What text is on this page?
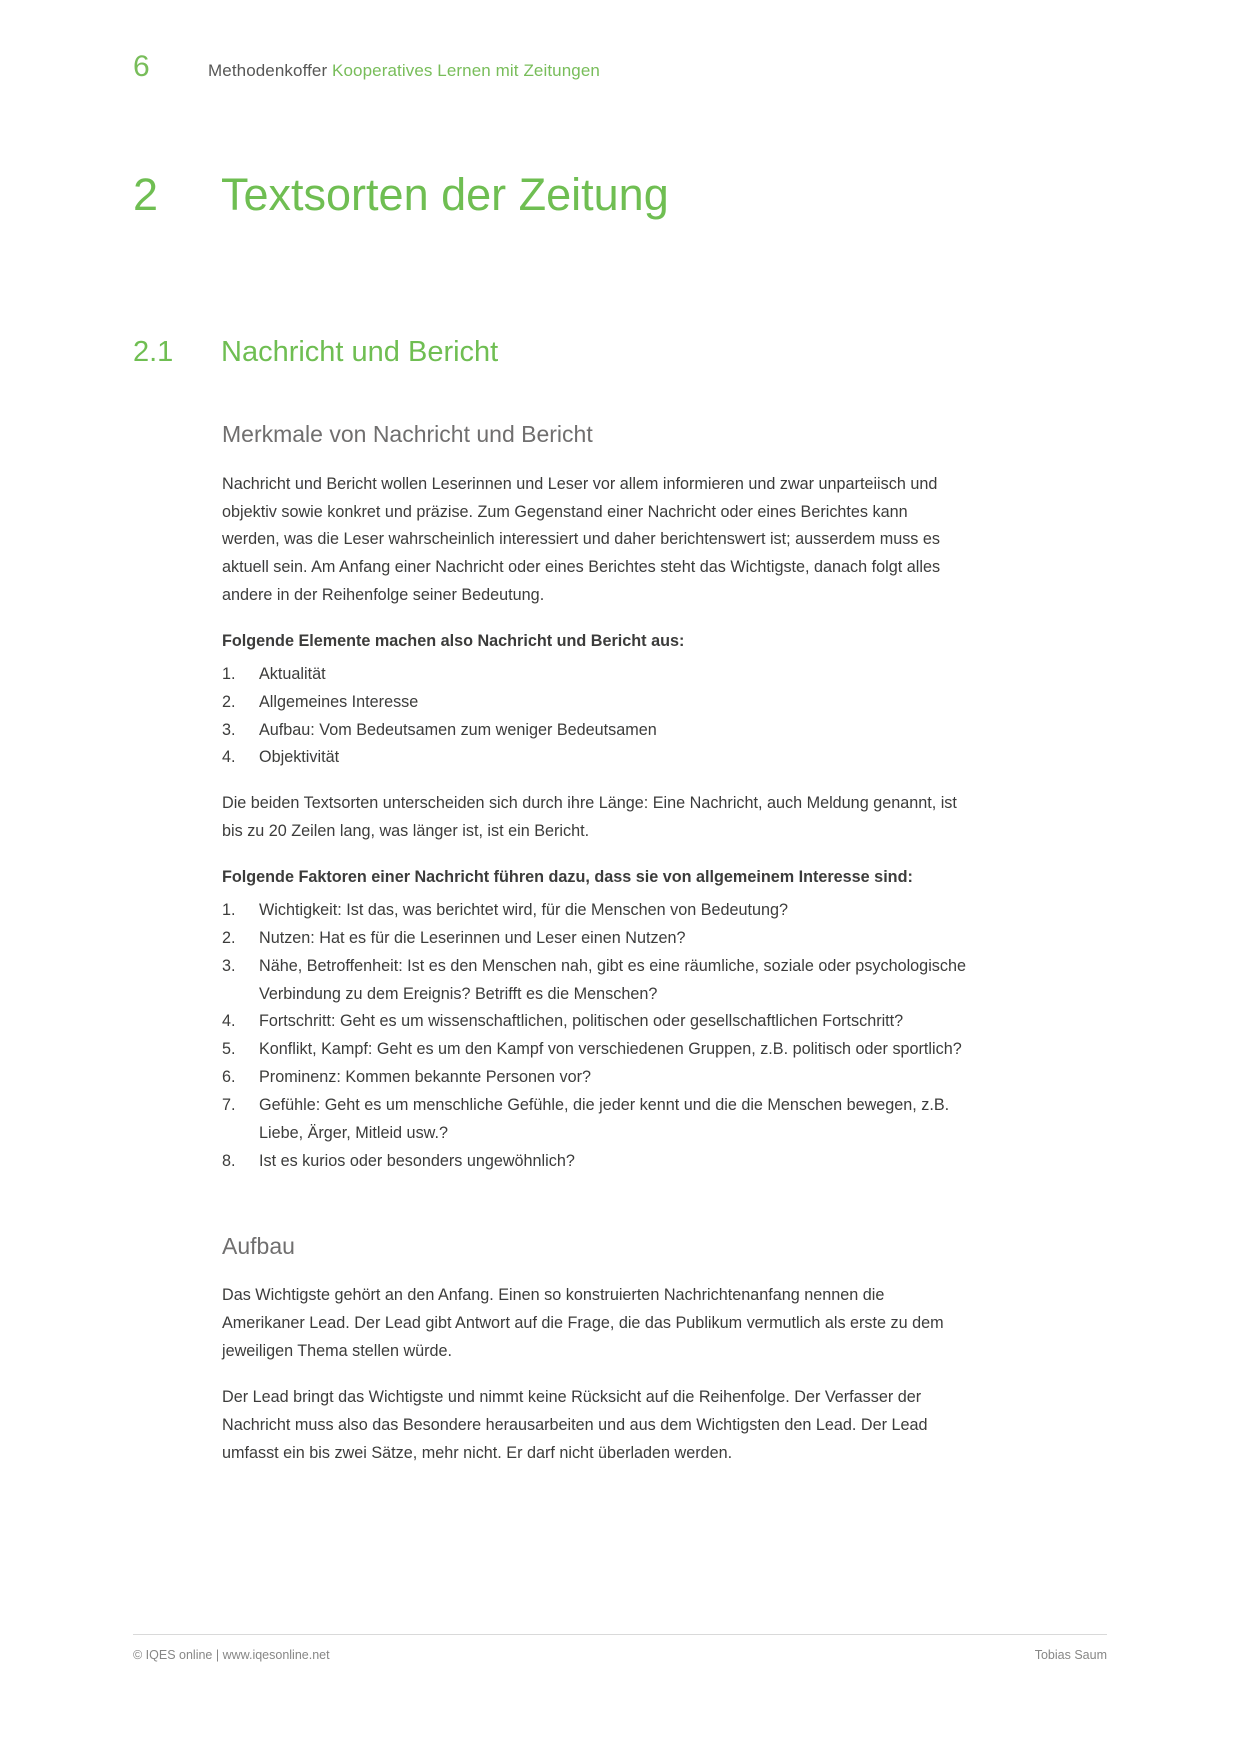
6	Methodenkoffer Kooperatives Lernen mit Zeitungen
2	Textsorten der Zeitung
2.1	Nachricht und Bericht
Merkmale von Nachricht und Bericht

Nachricht und Bericht wollen Leserinnen und Leser vor allem informieren und zwar unparteiisch und objektiv sowie konkret und präzise. Zum Gegenstand einer Nachricht oder eines Berichtes kann werden, was die Leser wahrscheinlich interessiert und daher berichtenswert ist; ausserdem muss es aktuell sein. Am Anfang einer Nachricht oder eines Berichtes steht das Wichtigste, danach folgt alles andere in der Reihenfolge seiner Bedeutung.

Folgende Elemente machen also Nachricht und Bericht aus:

Aktualität
Allgemeines Interesse
Aufbau: Vom Bedeutsamen zum weniger Bedeutsamen
Objektivität

Die beiden Textsorten unterscheiden sich durch ihre Länge: Eine Nachricht, auch Meldung genannt, ist bis zu 20 Zeilen lang, was länger ist, ist ein Bericht.

Folgende Faktoren einer Nachricht führen dazu, dass sie von allgemeinem Interesse sind:

Wichtigkeit: Ist das, was berichtet wird, für die Menschen von Bedeutung?
Nutzen: Hat es für die Leserinnen und Leser einen Nutzen?
Nähe, Betroffenheit: Ist es den Menschen nah, gibt es eine räumliche, soziale oder psychologische Verbindung zu dem Ereignis? Betrifft es die Menschen?
Fortschritt: Geht es um wissenschaftlichen, politischen oder gesellschaftlichen Fortschritt?
Konflikt, Kampf: Geht es um den Kampf von verschiedenen Gruppen, z.B. politisch oder sportlich?
Prominenz: Kommen bekannte Personen vor?
Gefühle: Geht es um menschliche Gefühle, die jeder kennt und die die Menschen bewegen, z.B. Liebe, Ärger, Mitleid usw.?
Ist es kurios oder besonders ungewöhnlich?
Aufbau

Das Wichtigste gehört an den Anfang. Einen so konstruierten Nachrichtenanfang nennen die Amerikaner Lead. Der Lead gibt Antwort auf die Frage, die das Publikum vermutlich als erste zu dem jeweiligen Thema stellen würde.

Der Lead bringt das Wichtigste und nimmt keine Rücksicht auf die Reihenfolge. Der Verfasser der Nachricht muss also das Besondere herausarbeiten und aus dem Wichtigsten den Lead. Der Lead umfasst ein bis zwei Sätze, mehr nicht. Er darf nicht überladen werden.

© IQES online | www.iqesonline.net	Tobias Saum
